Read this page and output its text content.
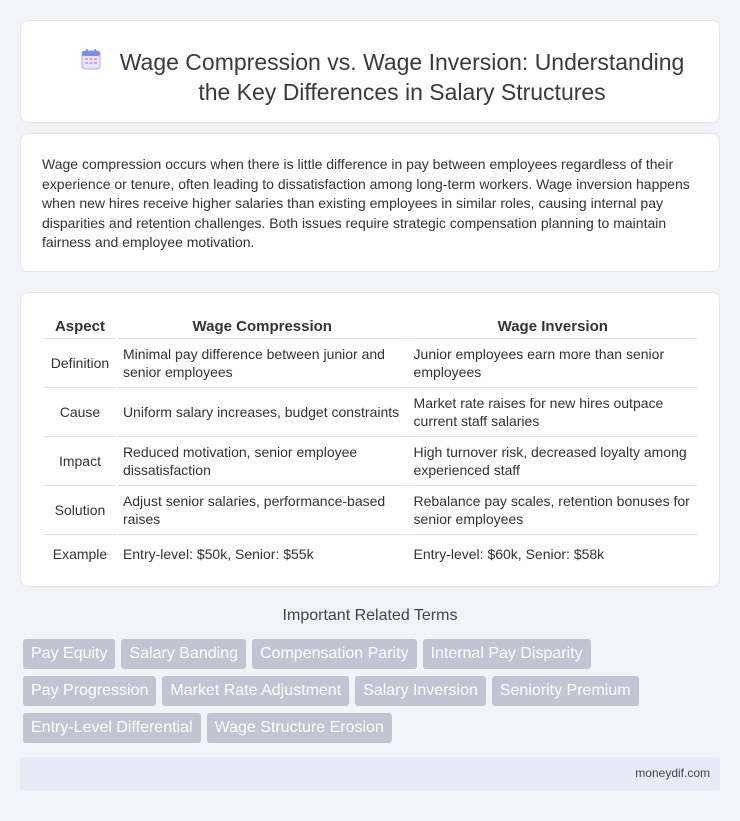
Wage Compression vs. Wage Inversion: Understanding the Key Differences in Salary Structures

Wage compression occurs when there is little difference in pay between employees regardless of their experience or tenure, often leading to dissatisfaction among long-term workers. Wage inversion happens when new hires receive higher salaries than existing employees in similar roles, causing internal pay disparities and retention challenges. Both issues require strategic compensation planning to maintain fairness and employee motivation.

Aspect	Wage Compression	Wage Inversion
Definition	Minimal pay difference between junior and senior employees	Junior employees earn more than senior employees
Cause	Uniform salary increases, budget constraints	Market rate raises for new hires outpace current staff salaries
Impact	Reduced motivation, senior employee dissatisfaction	High turnover risk, decreased loyalty among experienced staff
Solution	Adjust senior salaries, performance-based raises	Rebalance pay scales, retention bonuses for senior employees
Example	Entry-level: $50k, Senior: $55k	Entry-level: $60k, Senior: $58k
Important Related Terms
Pay Equity	Salary Banding	Compensation Parity	Internal Pay Disparity
Pay Progression	Market Rate Adjustment	Salary Inversion	Seniority Premium
Entry-Level Differential	Wage Structure Erosion
moneydif.com
